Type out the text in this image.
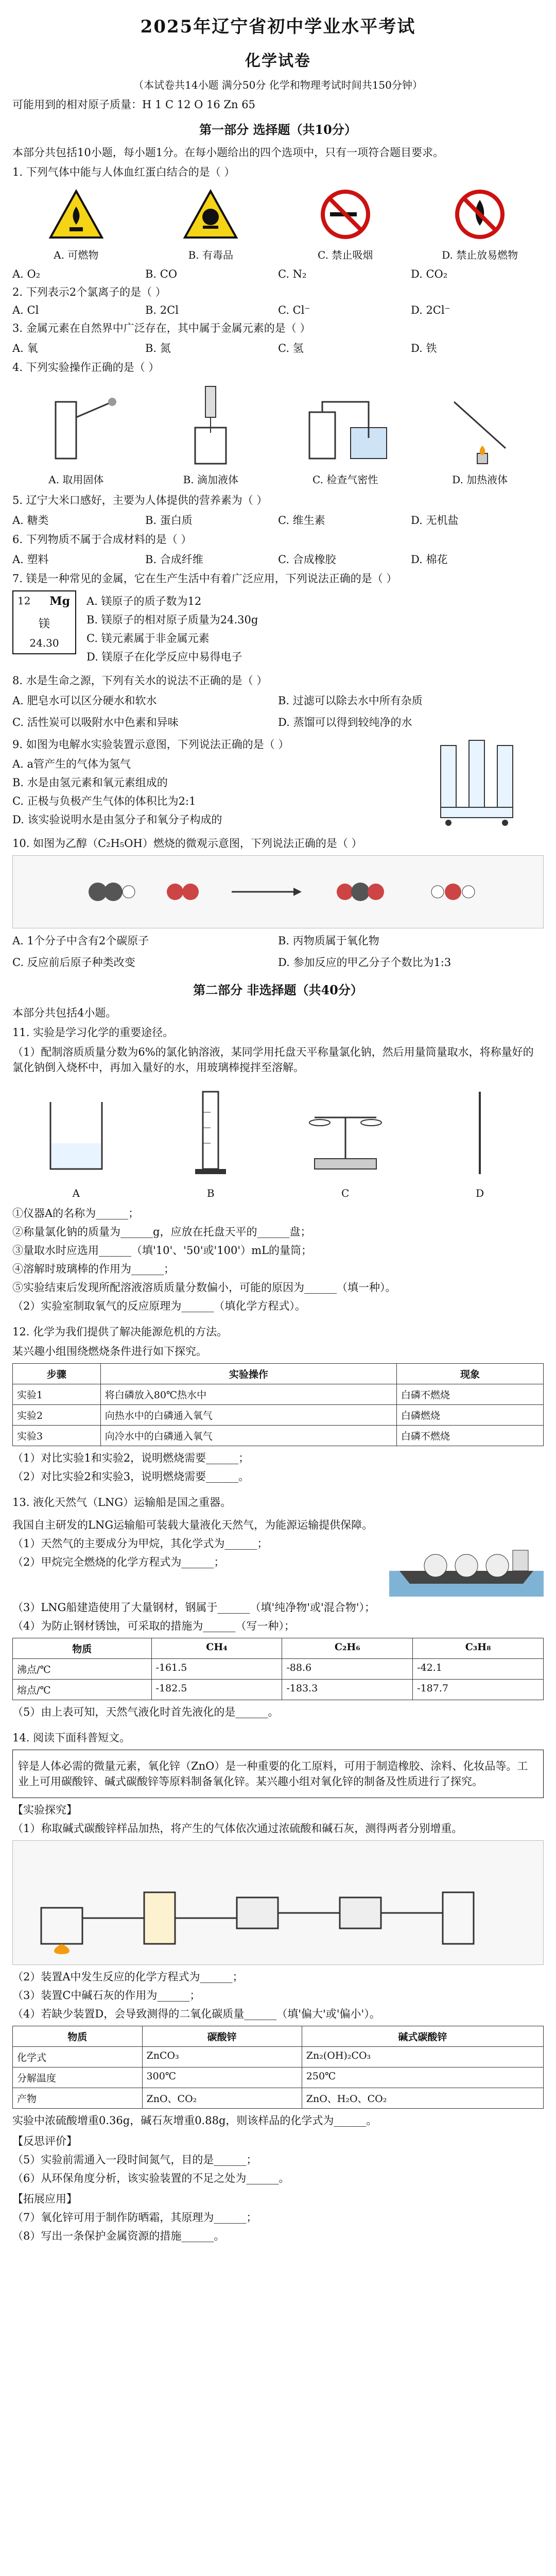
2025年辽宁省初中学业水平考试
化学试卷
（本试卷共14小题 满分50分 化学和物理考试时间共150分钟）
可能用到的相对原子质量：H 1 C 12 O 16 Zn 65
第一部分 选择题（共10分）
本部分共包括10小题，每小题1分。在每小题给出的四个选项中，只有一项符合题目要求。
1. 下列气体中能与人体血红蛋白结合的是（ ）
A. 可燃物	B. 有毒品	C. 禁止吸烟	D. 禁止放易燃物
A. O₂	B. CO	C. N₂	D. CO₂
2. 下列表示2个氯离子的是（ ）
A. Cl	B. 2Cl	C. Cl⁻	D. 2Cl⁻
3. 金属元素在自然界中广泛存在，其中属于金属元素的是（ ）
A. 氧	B. 氮	C. 氢	D. 铁
4. 下列实验操作正确的是（ ）
A. 取用固体	B. 滴加液体	C. 检查气密性	D. 加热液体
5. 辽宁大米口感好，主要为人体提供的营养素为（ ）
A. 糖类	B. 蛋白质	C. 维生素	D. 无机盐
6. 下列物质不属于合成材料的是（ ）
A. 塑料	B. 合成纤维	C. 合成橡胶	D. 棉花
7. 镁是一种常见的金属，它在生产生活中有着广泛应用，下列说法正确的是（ ）
12 Mg
镁
24.30
A. 镁原子的质子数为12
B. 镁原子的相对原子质量为24.30g
C. 镁元素属于非金属元素
D. 镁原子在化学反应中易得电子
8. 水是生命之源，下列有关水的说法不正确的是（ ）
A. 肥皂水可以区分硬水和软水	B. 过滤可以除去水中所有杂质
C. 活性炭可以吸附水中色素和异味	D. 蒸馏可以得到较纯净的水
9. 如图为电解水实验装置示意图，下列说法正确的是（ ）
A. a管产生的气体为氢气
B. 水是由氢元素和氧元素组成的
C. 正极与负极产生气体的体积比为2:1
D. 该实验说明水是由氢分子和氧分子构成的
10. 如图为乙醇（C₂H₅OH）燃烧的微观示意图，下列说法正确的是（ ）
A. 1个分子中含有2个碳原子	B. 丙物质属于氧化物
C. 反应前后原子种类改变	D. 参加反应的甲乙分子个数比为1:3
第二部分 非选择题（共40分）
本部分共包括4小题。
11. 实验是学习化学的重要途径。
（1）配制溶质质量分数为6%的氯化钠溶液，某同学用托盘天平称量氯化钠，然后用量筒量取水，将称量好的氯化钠倒入烧杯中，再加入量好的水，用玻璃棒搅拌至溶解。
A	B	C	D
①仪器A的名称为______；
②称量氯化钠的质量为______g，应放在托盘天平的______盘；
③量取水时应选用______（填'10'、'50'或'100'）mL的量筒；
④溶解时玻璃棒的作用为______；
⑤实验结束后发现所配溶液溶质质量分数偏小，可能的原因为______（填一种）。
（2）实验室制取氧气的反应原理为______（填化学方程式）。
12. 化学为我们提供了解决能源危机的方法。
某兴趣小组围绕燃烧条件进行如下探究。
步骤	实验操作	现象
实验1	将白磷放入80℃热水中	白磷不燃烧
实验2	向热水中的白磷通入氧气	白磷燃烧
实验3	向冷水中的白磷通入氧气	白磷不燃烧
（1）对比实验1和实验2，说明燃烧需要______；
（2）对比实验2和实验3，说明燃烧需要______。
13. 液化天然气（LNG）运输船是国之重器。
我国自主研发的LNG运输船可装载大量液化天然气，为能源运输提供保障。
（1）天然气的主要成分为甲烷，其化学式为______；
（2）甲烷完全燃烧的化学方程式为______；
（3）LNG船建造使用了大量钢材，钢属于______（填'纯净物'或'混合物'）；
（4）为防止钢材锈蚀，可采取的措施为______（写一种）；
物质	CH₄	C₂H₆	C₃H₈
沸点/℃	-161.5	-88.6	-42.1
熔点/℃	-182.5	-183.3	-187.7
（5）由上表可知，天然气液化时首先液化的是______。
14. 阅读下面科普短文。
锌是人体必需的微量元素，氧化锌（ZnO）是一种重要的化工原料，可用于制造橡胶、涂料、化妆品等。工业上可用碳酸锌、碱式碳酸锌等原料制备氧化锌。某兴趣小组对氧化锌的制备及性质进行了探究。
【实验探究】
（1）称取碱式碳酸锌样品加热，将产生的气体依次通过浓硫酸和碱石灰，测得两者分别增重。
（2）装置A中发生反应的化学方程式为______；
（3）装置C中碱石灰的作用为______；
（4）若缺少装置D，会导致测得的二氧化碳质量______（填'偏大'或'偏小'）。
物质	碳酸锌	碱式碳酸锌
化学式	ZnCO₃	Zn₂(OH)₂CO₃
分解温度	300℃	250℃
产物	ZnO、CO₂	ZnO、H₂O、CO₂
实验中浓硫酸增重0.36g，碱石灰增重0.88g，则该样品的化学式为______。
【反思评价】
（5）实验前需通入一段时间氮气，目的是______；
（6）从环保角度分析，该实验装置的不足之处为______。
【拓展应用】
（7）氧化锌可用于制作防晒霜，其原理为______；
（8）写出一条保护金属资源的措施______。
